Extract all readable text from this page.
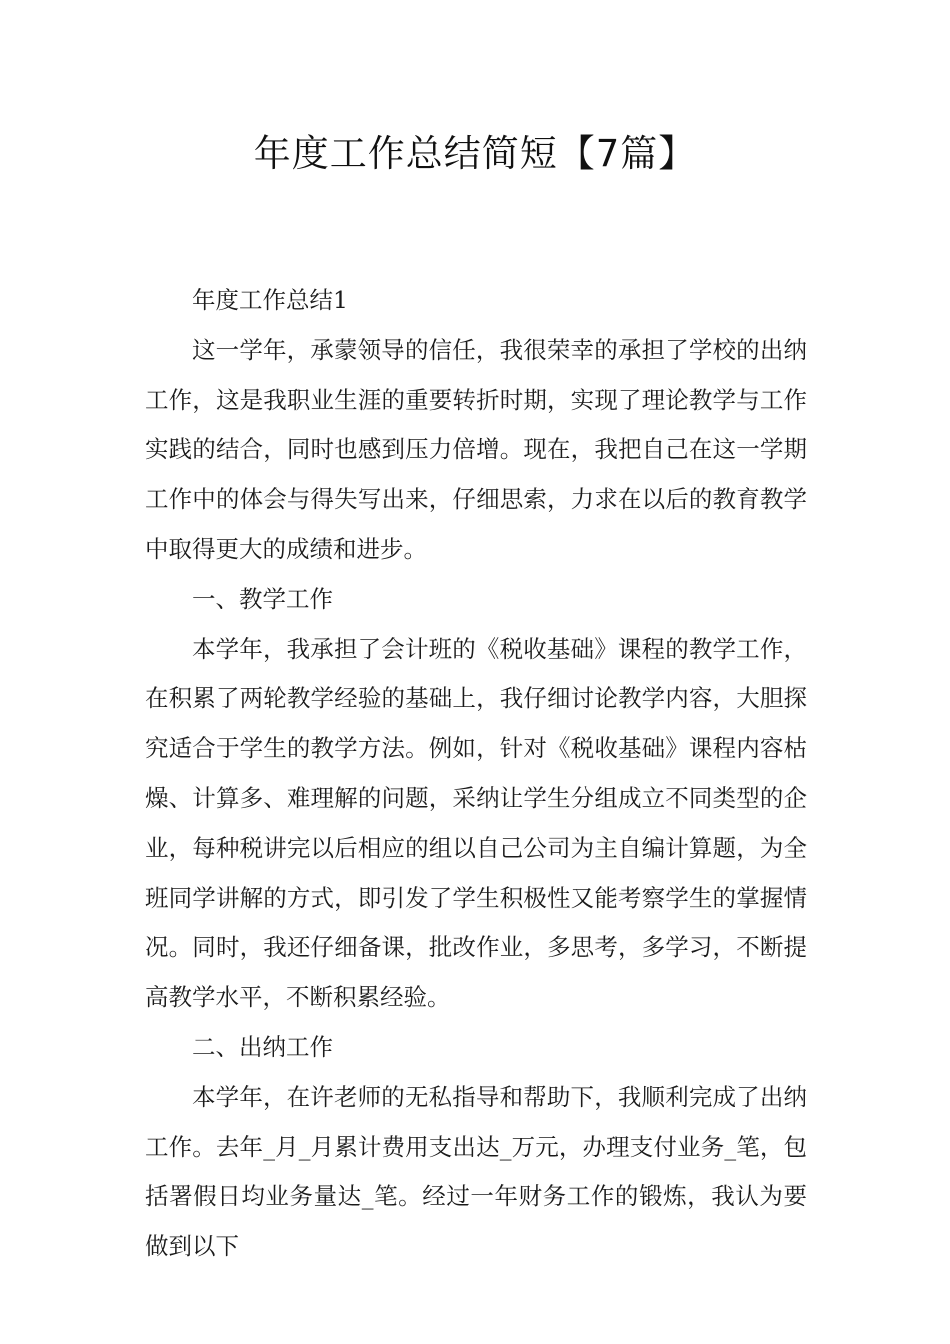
年度工作总结简短【7篇】

年度工作总结1

这一学年，承蒙领导的信任，我很荣幸的承担了学校的出纳工作，这是我职业生涯的重要转折时期，实现了理论教学与工作实践的结合，同时也感到压力倍增。现在，我把自己在这一学期工作中的体会与得失写出来，仔细思索，力求在以后的教育教学中取得更大的成绩和进步。

一、教学工作

本学年，我承担了会计班的《税收基础》课程的教学工作，在积累了两轮教学经验的基础上，我仔细讨论教学内容，大胆探究适合于学生的教学方法。例如，针对《税收基础》课程内容枯燥、计算多、难理解的问题，采纳让学生分组成立不同类型的企业，每种税讲完以后相应的组以自己公司为主自编计算题，为全班同学讲解的方式，即引发了学生积极性又能考察学生的掌握情况。同时，我还仔细备课，批改作业，多思考，多学习，不断提高教学水平，不断积累经验。

二、出纳工作

本学年，在许老师的无私指导和帮助下，我顺利完成了出纳工作。去年_月_月累计费用支出达_万元，办理支付业务_笔，包括署假日均业务量达_笔。经过一年财务工作的锻炼，我认为要做到以下
